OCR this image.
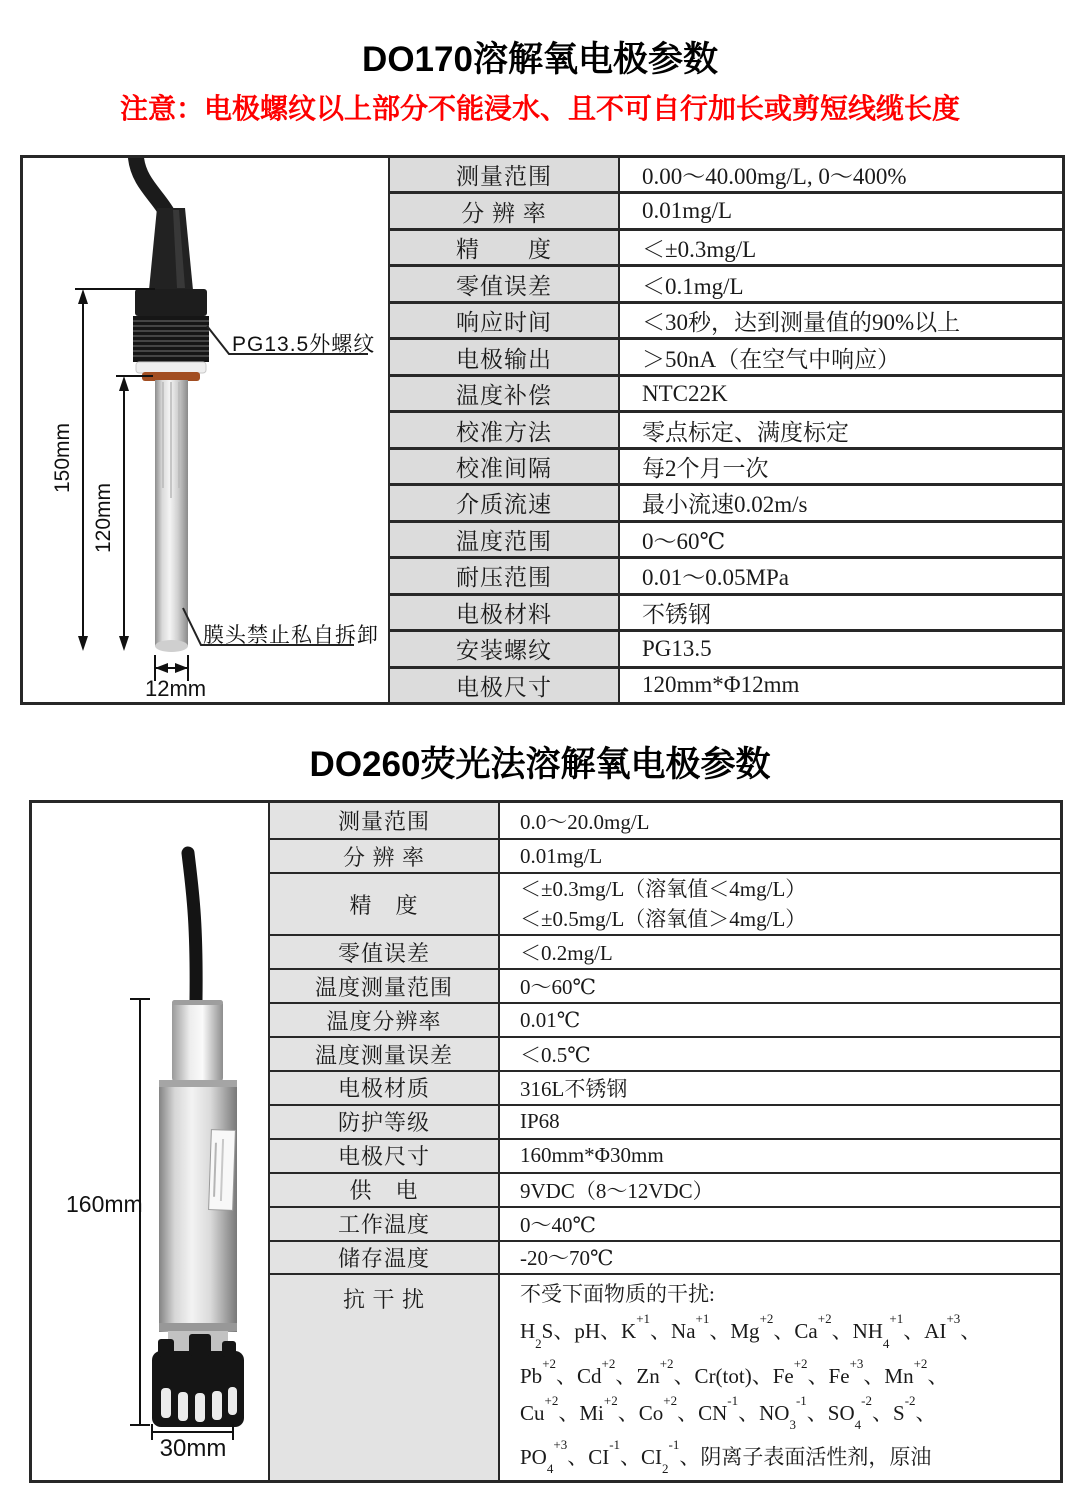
DO170溶解氧电极参数
注意：电极螺纹以上部分不能浸水、且不可自行加长或剪短线缆长度
150mm
120mm
12mm
PG13.5外螺纹
膜头禁止私自拆卸
测量范围	0.00～40.00mg/L, 0～400%
分 辨 率	0.01mg/L
精　　度	＜±0.3mg/L
零值误差	＜0.1mg/L
响应时间	＜30秒，达到测量值的90%以上
电极输出	＞50nA（在空气中响应）
温度补偿	NTC22K
校准方法	零点标定、满度标定
校准间隔	每2个月一次
介质流速	最小流速0.02m/s
温度范围	0～60℃
耐压范围	0.01～0.05MPa
电极材料	不锈钢
安装螺纹	PG13.5
电极尺寸	120mm*Φ12mm
DO260荧光法溶解氧电极参数
160mm
30mm
测量范围	0.0～20.0mg/L
分 辨 率	0.01mg/L
精　度
＜±0.3mg/L（溶氧值＜4mg/L）
＜±0.5mg/L（溶氧值＞4mg/L）
零值误差	＜0.2mg/L
温度测量范围	0～60℃
温度分辨率	0.01℃
温度测量误差	＜0.5℃
电极材质	316L不锈钢
防护等级	IP68
电极尺寸	160mm*Φ30mm
供　电	9VDC（8～12VDC）
工作温度	0～40℃
储存温度	-20～70℃
抗 干 扰	不受下面物质的干扰:
$H_2S$、pH、$K^{+1}$、$Na^{+1}$、$Mg^{+2}$、$Ca^{+2}$、$NH_4^{+1}$、$AI^{+3}$、
$Pb^{+2}$、$Cd^{+2}$、$Zn^{+2}$、Cr(tot)、$Fe^{+2}$、$Fe^{+3}$、$Mn^{+2}$、
$Cu^{+2}$、$Mi^{+2}$、$Co^{+2}$、$CN^{-1}$、$NO_3^{-1}$、$SO_4^{-2}$、$S^{-2}$、
$PO_4^{+3}$、$CI^{-1}$、$CI_2^{-1}$、阴离子表面活性剂，原油
